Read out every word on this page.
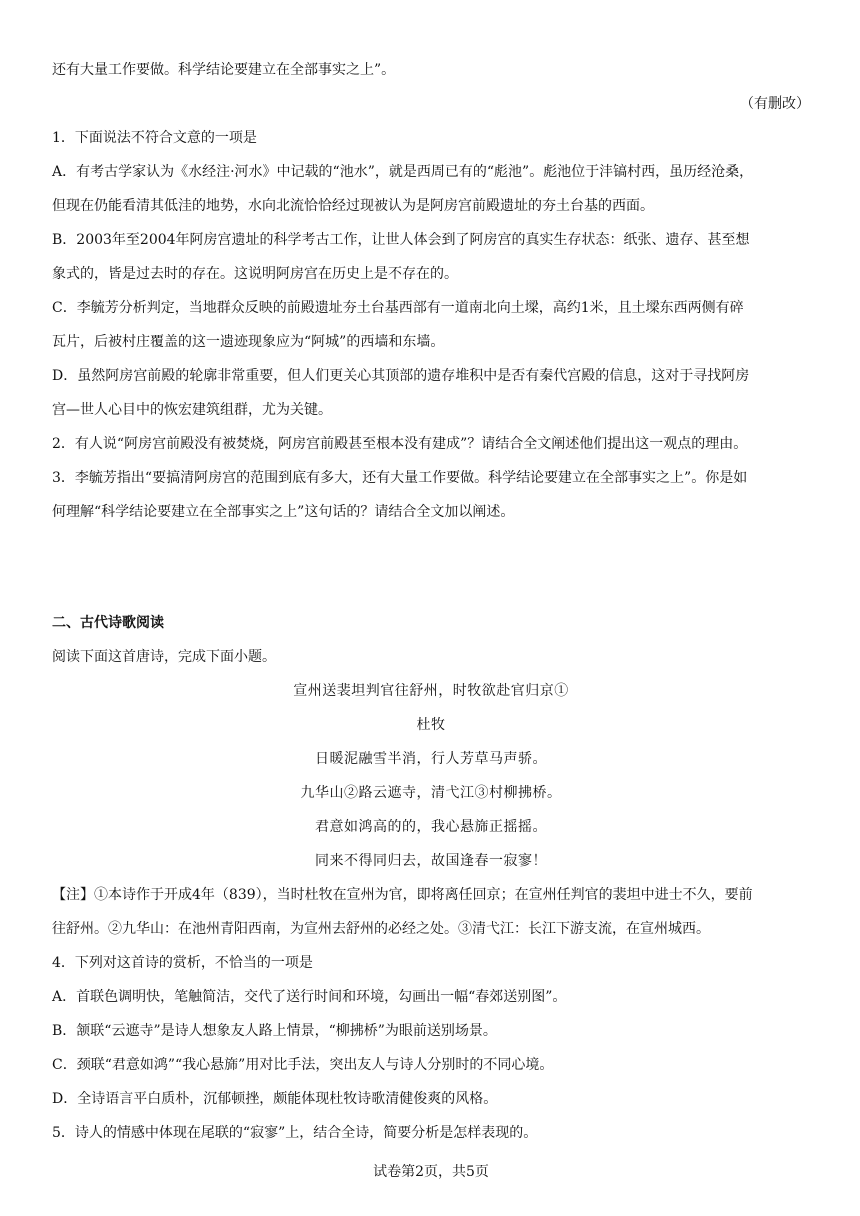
还有大量工作要做。科学结论要建立在全部事实之上”。
（有删改）
1．下面说法不符合文意的一项是
A．有考古学家认为《水经注·河水》中记载的“池水”，就是西周已有的“彪池”。彪池位于沣镐村西，虽历经沧桑，
但现在仍能看清其低洼的地势，水向北流恰恰经过现被认为是阿房宫前殿遗址的夯土台基的西面。
B．2003年至2004年阿房宫遗址的科学考古工作，让世人体会到了阿房宫的真实生存状态：纸张、遗存、甚至想
象式的，皆是过去时的存在。这说明阿房宫在历史上是不存在的。
C．李毓芳分析判定，当地群众反映的前殿遗址夯土台基西部有一道南北向土墚，高约1米，且土墚东西两侧有碎
瓦片，后被村庄覆盖的这一遗迹现象应为“阿城”的西墙和东墙。
D．虽然阿房宫前殿的轮廓非常重要，但人们更关心其顶部的遗存堆积中是否有秦代宫殿的信息，这对于寻找阿房
宫—世人心目中的恢宏建筑组群，尤为关键。
2．有人说“阿房宫前殿没有被焚烧，阿房宫前殿甚至根本没有建成”？请结合全文阐述他们提出这一观点的理由。
3．李毓芳指出“要搞清阿房宫的范围到底有多大，还有大量工作要做。科学结论要建立在全部事实之上”。你是如
何理解“科学结论要建立在全部事实之上”这句话的？请结合全文加以阐述。
二、古代诗歌阅读
阅读下面这首唐诗，完成下面小题。
宣州送裴坦判官往舒州，时牧欲赴官归京①
杜牧
日暖泥融雪半消，行人芳草马声骄。
九华山②路云遮寺，清弋江③村柳拂桥。
君意如鸿高的的，我心悬旆正摇摇。
同来不得同归去，故国逢春一寂寥！
【注】①本诗作于开成4年（839），当时杜牧在宣州为官，即将离任回京；在宣州任判官的裴坦中进士不久，要前
往舒州。②九华山：在池州青阳西南，为宣州去舒州的必经之处。③清弋江：长江下游支流，在宣州城西。
4．下列对这首诗的赏析，不恰当的一项是
A．首联色调明快，笔触简洁，交代了送行时间和环境，勾画出一幅“春郊送别图”。
B．颔联“云遮寺”是诗人想象友人路上情景，“柳拂桥”为眼前送别场景。
C．颈联“君意如鸿”“我心悬旆”用对比手法，突出友人与诗人分别时的不同心境。
D．全诗语言平白质朴，沉郁顿挫，颇能体现杜牧诗歌清健俊爽的风格。
5．诗人的情感中体现在尾联的“寂寥”上，结合全诗，简要分析是怎样表现的。
试卷第2页，共5页
